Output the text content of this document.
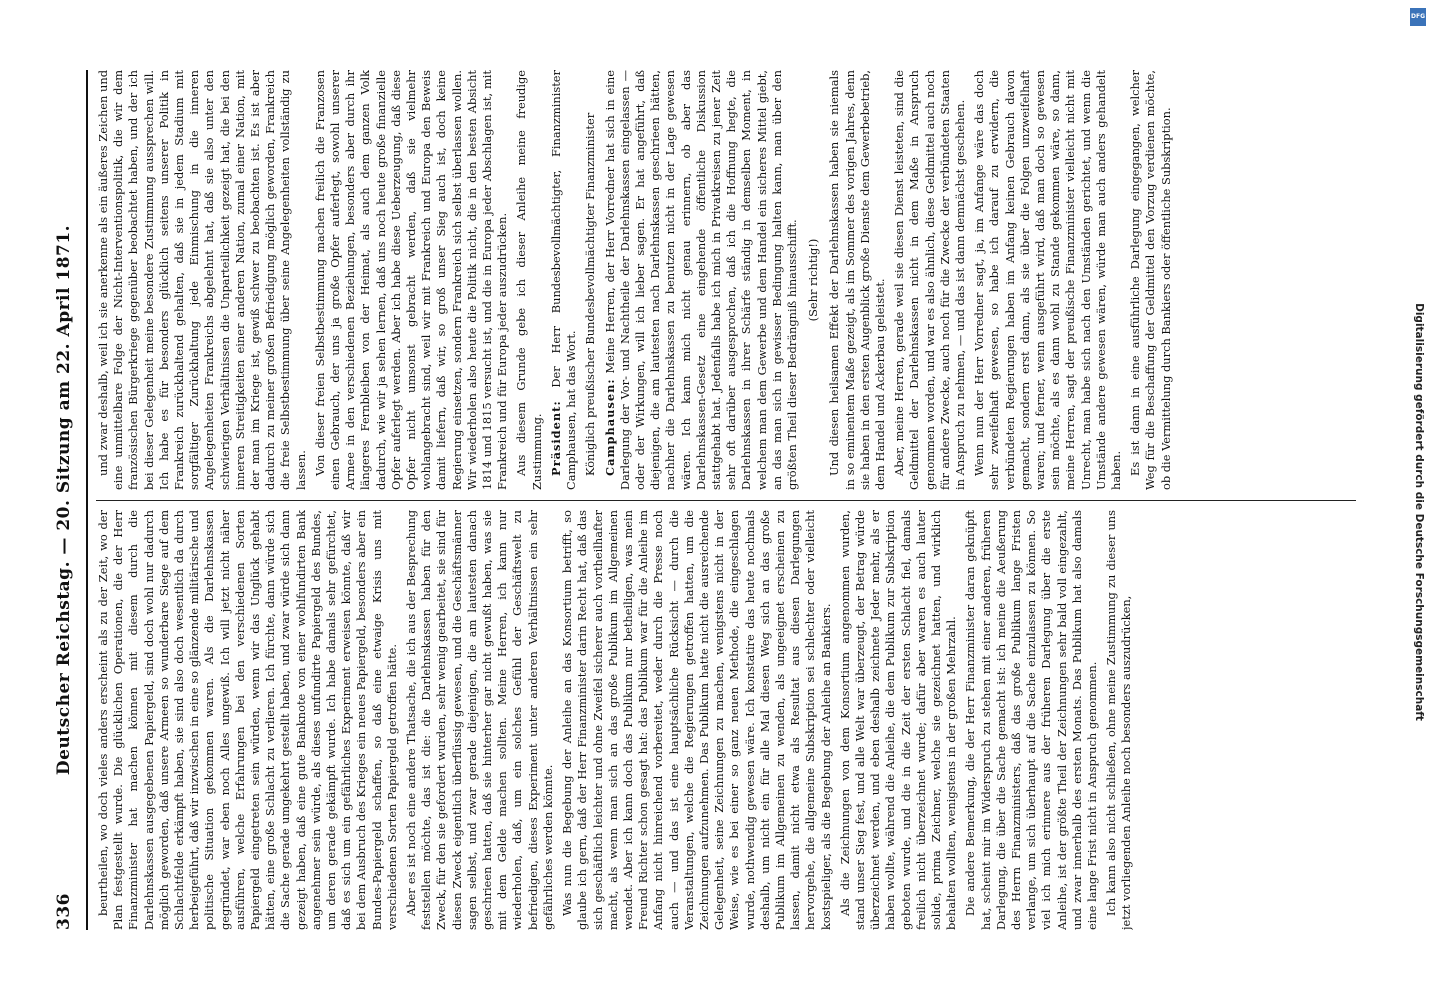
336
Deutscher Reichstag. — 20. Sitzung am 22. April 1871. beurtheilen, wo doch vieles anders erscheint als zu der Zeit, wo der Plan festgestellt wurde. Die glücklichen Operationen, die der Herr Finanzminister hat machen können mit diesem durch die Darlehnskassen ausgegebenen Papiergeld, sind doch wohl nur dadurch möglich geworden, daß unsere Armeen so wunderbare Siege auf dem Schlachtfelde erkämpft haben, sie sind also doch wesentlich da durch herbeigeführt, daß wir inzwischen in eine so glänzende militärische und politische Situation gekommen waren. Als die Darlehnskassen gegründet, war eben noch Alles ungewiß. Ich will jetzt nicht näher ausführen, welche Erfahrungen bei den verschiedenen Sorten Papiergeld eingetreten sein würden, wenn wir das Unglück gehabt hätten, eine große Schlacht zu verlieren. Ich fürchte, dann würde sich die Sache gerade umgekehrt gestellt haben, und zwar würde sich dann gezeigt haben, daß eine gute Banknote von einer wohlfundirten Bank angenehmer sein würde, als dieses unfundirte Papiergeld des Bundes, um deren gerade gekämpft wurde. Ich habe damals sehr gefürchtet, daß es sich um ein gefährliches Experiment erweisen könnte, daß wir bei dem Ausbruch des Krieges ein neues Papiergeld, besonders aber ein Bundes-Papiergeld schaffen, so daß eine etwaige Krisis uns mit verschiedenen Sorten Papiergeld getroffen hätte. Aber es ist noch eine andere Thatsache, die ich aus der Besprechung feststellen möchte, das ist die: die Darlehnskassen haben für den Zweck, für den sie gefordert wurden, sehr wenig gearbeitet, sie sind für diesen Zweck eigentlich überflüssig gewesen, und die Geschäftsmänner sagen selbst, und zwar gerade diejenigen, die am lautesten danach geschrieen hatten, daß sie hinterher gar nicht gewußt haben, was sie mit dem Gelde machen sollten. Meine Herren, ich kann nur wiederholen, daß, um ein solches Gefühl der Geschäftswelt zu befriedigen, dieses Experiment unter anderen Verhältnissen ein sehr gefährliches werden könnte. Was nun die Begebung der Anleihe an das Konsortium betrifft, so glaube ich gern, daß der Herr Finanzminister darin Recht hat, daß das sich geschäftlich leichter und ohne Zweifel sicherer auch vortheilhafter macht, als wenn man sich an das große Publikum im Allgemeinen wendet. Aber ich kann doch das Publikum nur betheiligen, was mein Freund Richter schon gesagt hat: das Publikum war für die Anleihe im Anfang nicht hinreichend vorbereitet, weder durch die Presse noch auch — und das ist eine hauptsächliche Rücksicht — durch die Veranstaltungen, welche die Regierungen getroffen hatten, um die Zeichnungen aufzunehmen. Das Publikum hatte nicht die ausreichende Gelegenheit, seine Zeichnungen zu machen, wenigstens nicht in der Weise, wie es bei einer so ganz neuen Methode, die eingeschlagen wurde, nothwendig gewesen wäre. Ich konstatire das heute nochmals deshalb, um nicht ein für alle Mal diesen Weg sich an das große Publikum im Allgemeinen zu wenden, als ungeeignet erscheinen zu lassen, damit nicht etwa als Resultat aus diesen Darlegungen hervorgehe, die allgemeine Subskription sei schlechter oder vielleicht kostspieliger, als die Begebung der Anleihe an Bankiers. Als die Zeichnungen von dem Konsortium angenommen wurden, stand unser Sieg fest, und alle Welt war überzeugt, der Betrag würde überzeichnet werden, und eben deshalb zeichnete Jeder mehr, als er haben wollte, während die Anleihe, die dem Publikum zur Subskription geboten wurde, und die in die Zeit der ersten Schlacht fiel, damals freilich nicht überzeichnet wurde; dafür aber waren es auch lauter solide, prima Zeichner, welche sie gezeichnet hatten, und wirklich behalten wollten, wenigstens in der großen Mehrzahl. Die andere Bemerkung, die der Herr Finanzminister daran geknüpft hat, scheint mir im Widerspruch zu stehen mit einer anderen, früheren Darlegung, die über die Sache gemacht ist: ich meine die Aeußerung des Herrn Finanzministers, daß das große Publikum lange Fristen verlange, um sich überhaupt auf die Sache einzulassen zu können. So viel ich mich erinnere aus der früheren Darlegung über die erste Anleihe, ist der größte Theil der Zeichnungen sehr bald voll eingezahlt, und zwar innerhalb des ersten Monats. Das Publikum hat also damals eine lange Frist nicht in Anspruch genommen. Ich kann also nicht schließen, ohne meine Zustimmung zu dieser uns jetzt vorliegenden Anleihe noch besonders auszudrücken,

und zwar deshalb, weil ich sie anerkenne als ein äußeres Zeichen und eine unmittelbare Folge der Nicht-Interventionspolitik, die wir dem französischen Bürgerkriege gegenüber beobachtet haben, und der ich bei dieser Gelegenheit meine besondere Zustimmung aussprechen will. Ich habe es für besonders glücklich seitens unserer Politik in Frankreich zurückhaltend gehalten, daß sie in jedem Stadium mit sorgfältiger Zurückhaltung jede Einmischung in die inneren Angelegenheiten Frankreichs abgelehnt hat, daß sie also unter den schwierigen Verhältnissen die Unparteilichkeit gezeigt hat, die bei den inneren Streitigkeiten einer anderen Nation, zumal einer Nation, mit der man im Kriege ist, gewiß schwer zu beobachten ist. Es ist aber dadurch zu meiner großen Befriedigung möglich geworden, Frankreich die freie Selbstbestimmung über seine Angelegenheiten vollständig zu lassen. Von dieser freien Selbstbestimmung machen freilich die Franzosen einen Gebrauch, der uns ja große Opfer auferlegt, sowohl unserer Armee in den verschiedenen Beziehungen, besonders aber durch ihr längeres Fernbleiben von der Heimat, als auch dem ganzen Volk dadurch, wie wir ja sehen lernen, daß uns noch heute große finanzielle Opfer auferlegt werden. Aber ich habe diese Ueberzeugung, daß diese Opfer nicht umsonst gebracht werden, daß sie vielmehr wohlangebracht sind, weil wir mit Frankreich und Europa den Beweis damit liefern, daß wir, so groß unser Sieg auch ist, doch keine Regierung einsetzen, sondern Frankreich sich selbst überlassen wollen. Wir wiederholen also heute die Politik nicht, die in den besten Absicht 1814 und 1815 versucht ist, und die in Europa jeder Abschlagen ist, mit Frankreich und für Europa jeder auszudrücken. Aus diesem Grunde gebe ich dieser Anleihe meine freudige Zustimmung. Präsident: Der Herr Bundesbevollmächtigter, Finanzminister Camphausen, hat das Wort. Königlich preußischer Bundesbevollmächtigter Finanzminister Camphausen: Meine Herren, der Herr Vorredner hat sich in eine Darlegung der Vor- und Nachtheile der Darlehnskassen eingelassen — oder der Wirkungen, will ich lieber sagen. Er hat angeführt, daß diejenigen, die am lautesten nach Darlehnskassen geschrieen hätten, nachher die Darlehnskassen zu benutzen nicht in der Lage gewesen wären. Ich kann mich nicht genau erinnern, ob aber das Darlehnskassen-Gesetz eine eingehende öffentliche Diskussion stattgehabt hat. Jedenfalls habe ich mich in Privatkreisen zu jener Zeit sehr oft darüber ausgesprochen, daß ich die Hoffnung hegte, die Darlehnskassen in ihrer Schärfe ständig in demselben Moment, in welchem man dem Gewerbe und dem Handel ein sicheres Mittel giebt, an das man sich in gewisser Bedingung halten kann, man über den größten Theil dieser Bedrängniß hinausschifft. (Sehr richtig!) Und diesen heilsamen Effekt der Darlehnskassen haben sie niemals in so eminentem Maße gezeigt, als im Sommer des vorigen Jahres, denn sie haben in den ersten Augenblick große Dienste dem Gewerbebetrieb, dem Handel und Ackerbau geleistet. Aber, meine Herren, gerade weil sie diesen Dienst leisteten, sind die Geldmittel der Darlehnskassen nicht in dem Maße in Anspruch genommen worden, und war es also ähnlich, diese Geldmittel auch noch für andere Zwecke, auch noch für die Zwecke der verbündeten Staaten in Anspruch zu nehmen, — und das ist dann demnächst geschehen. Wenn nun der Herr Vorredner sagt, ja, im Anfange wäre das doch sehr zweifelhaft gewesen, so habe ich darauf zu erwidern, die verbündeten Regierungen haben im Anfang keinen Gebrauch davon gemacht, sondern erst dann, als sie über die Folgen unzweifelhaft waren; und ferner, wenn ausgeführt wird, daß man doch so gewesen sein möchte, als es dann wohl zu Stande gekommen wäre, so dann, meine Herren, sagt der preußische Finanzminister vielleicht nicht mit Unrecht, man habe sich nach den Umständen gerichtet, und wenn die Umstände andere gewesen wären, würde man auch anders gehandelt haben. Es ist dann in eine ausführliche Darlegung eingegangen, welcher Weg für die Beschaffung der Geldmittel den Vorzug verdienen möchte, ob die Vermittelung durch Bankiers oder öffentliche Subskription.

DFG
Digitalisierung gefördert durch die Deutsche Forschungsgemeinschaft
